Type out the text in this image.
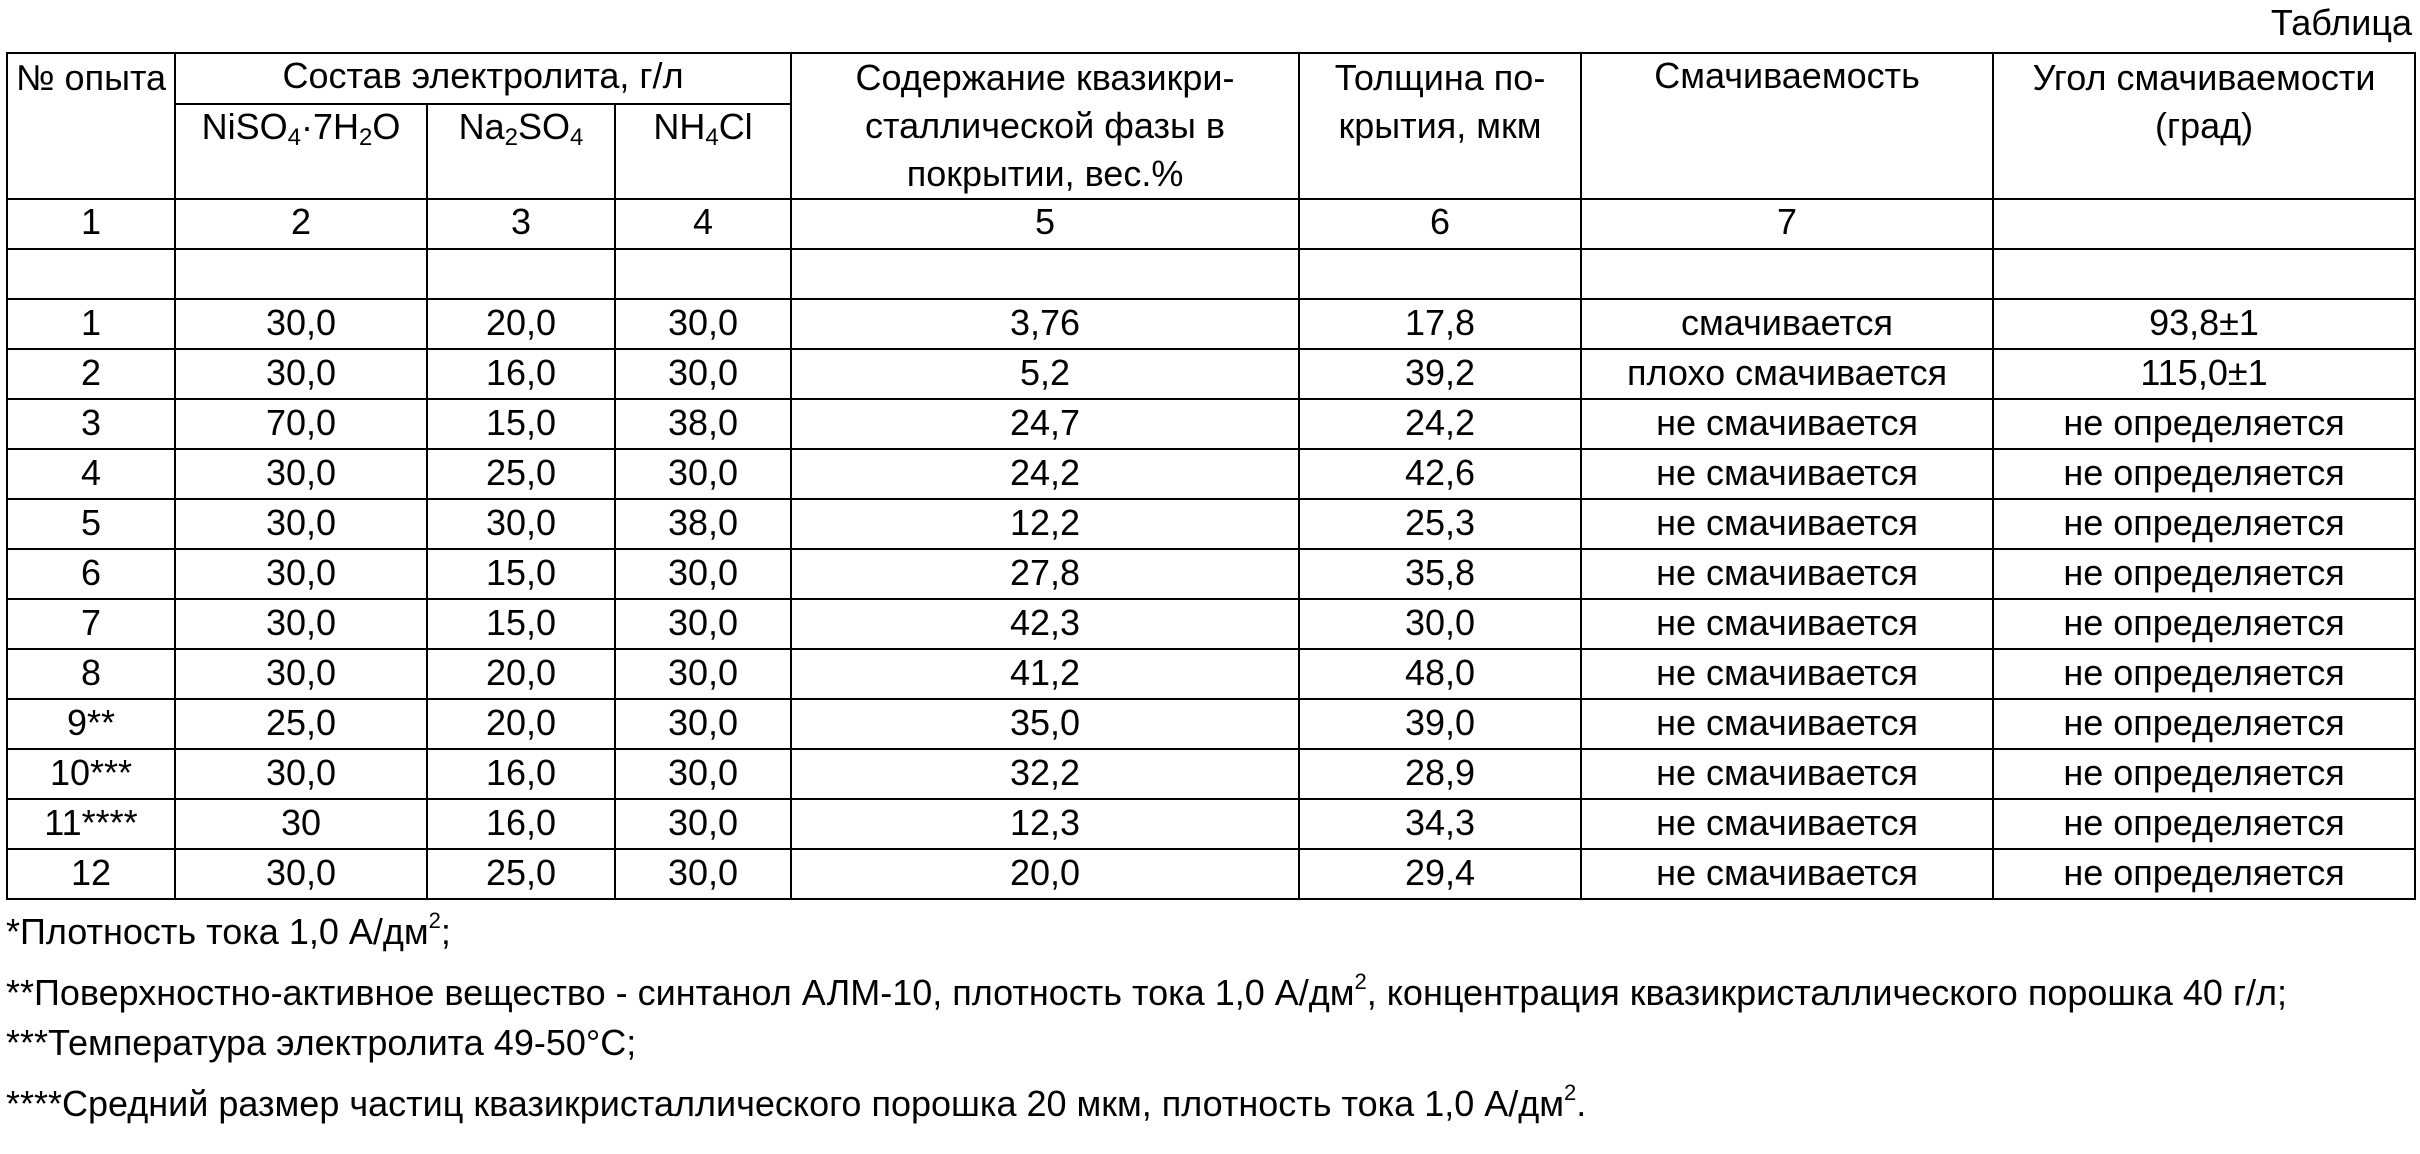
Таблица
№ опыта	Состав электролита, г/л			Содержание квазикри-сталлической фазы в покрытии, вес.%	Толщина по-крытия, мкм	Смачиваемость	Угол смачиваемости (град)
	$NiSO_4\cdot 7H_2O$	$Na_2SO_4$	$NH_4Cl$				
1	2	3	4	5	6	7	

1	30,0	20,0	30,0	3,76	17,8	смачивается	93,8±1
2	30,0	16,0	30,0	5,2	39,2	плохо смачивается	115,0±1
3	70,0	15,0	38,0	24,7	24,2	не смачивается	не определяется
4	30,0	25,0	30,0	24,2	42,6	не смачивается	не определяется
5	30,0	30,0	38,0	12,2	25,3	не смачивается	не определяется
6	30,0	15,0	30,0	27,8	35,8	не смачивается	не определяется
7	30,0	15,0	30,0	42,3	30,0	не смачивается	не определяется
8	30,0	20,0	30,0	41,2	48,0	не смачивается	не определяется
9**	25,0	20,0	30,0	35,0	39,0	не смачивается	не определяется
10***	30,0	16,0	30,0	32,2	28,9	не смачивается	не определяется
11****	30	16,0	30,0	12,3	34,3	не смачивается	не определяется
12	30,0	25,0	30,0	20,0	29,4	не смачивается	не определяется

*Плотность тока 1,0 $А/дм^2$;

**Поверхностно-активное вещество - синтанол АЛМ-10, плотность тока 1,0 $А/дм^2$, концентрация квазикристаллического порошка 40 г/л;

***Температура электролита 49-50°С;

****Средний размер частиц квазикристаллического порошка 20 мкм, плотность тока 1,0 $А/дм^2$.
